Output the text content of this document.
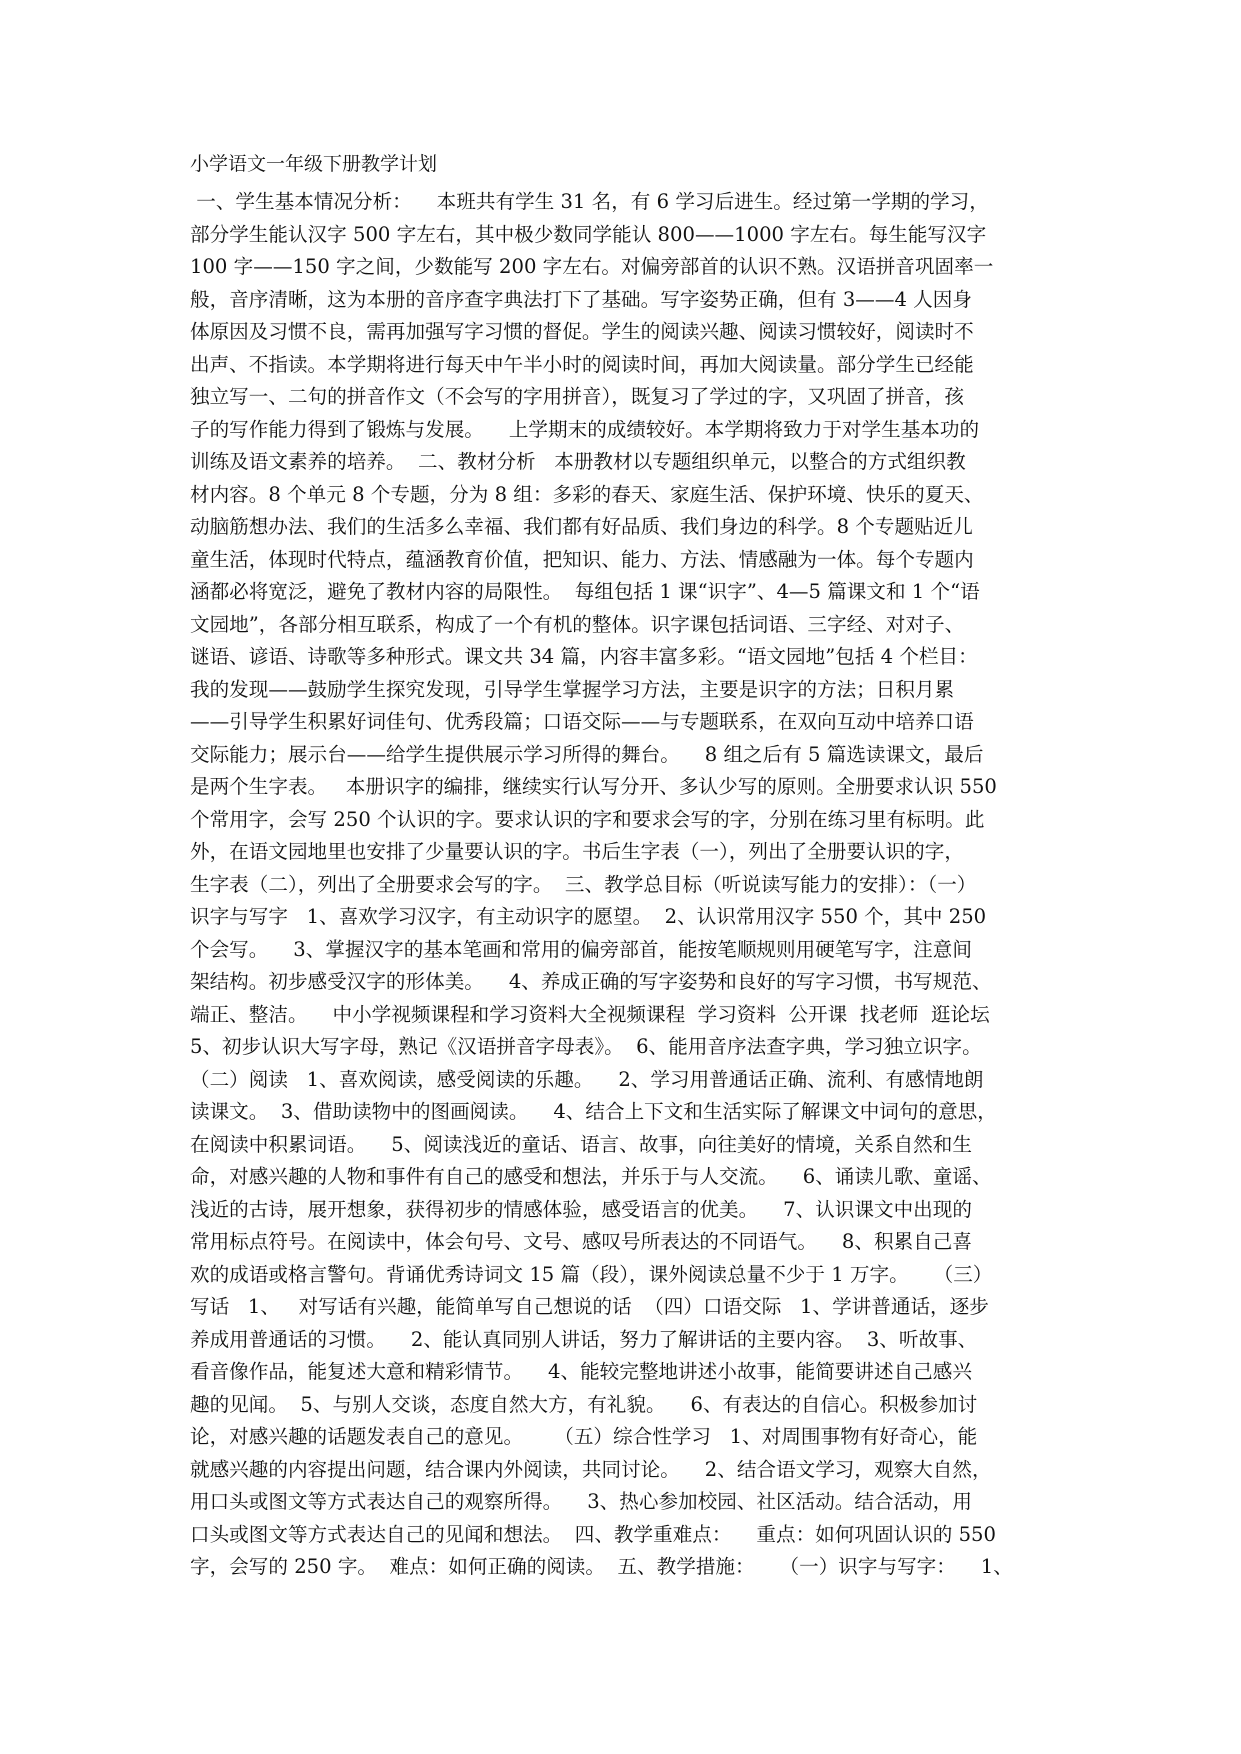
小学语文一年级下册教学计划
一、学生基本情况分析：    本班共有学生 31 名，有 6 学习后进生。经过第一学期的学习，
部分学生能认汉字 500 字左右，其中极少数同学能认 800——1000 字左右。每生能写汉字
100 字——150 字之间，少数能写 200 字左右。对偏旁部首的认识不熟。汉语拼音巩固率一
般，音序清晰，这为本册的音序查字典法打下了基础。写字姿势正确，但有 3——4 人因身
体原因及习惯不良，需再加强写字习惯的督促。学生的阅读兴趣、阅读习惯较好，阅读时不
出声、不指读。本学期将进行每天中午半小时的阅读时间，再加大阅读量。部分学生已经能
独立写一、二句的拼音作文（不会写的字用拼音），既复习了学过的字，又巩固了拼音，孩
子的写作能力得到了锻炼与发展。    上学期末的成绩较好。本学期将致力于对学生基本功的
训练及语文素养的培养。  二、教材分析   本册教材以专题组织单元，以整合的方式组织教
材内容。8 个单元 8 个专题，分为 8 组：多彩的春天、家庭生活、保护环境、快乐的夏天、
动脑筋想办法、我们的生活多么幸福、我们都有好品质、我们身边的科学。8 个专题贴近儿
童生活，体现时代特点，蕴涵教育价值，把知识、能力、方法、情感融为一体。每个专题内
涵都必将宽泛，避免了教材内容的局限性。  每组包括 1 课“识字”、4—5 篇课文和 1 个“语
文园地”，各部分相互联系，构成了一个有机的整体。识字课包括词语、三字经、对对子、
谜语、谚语、诗歌等多种形式。课文共 34 篇，内容丰富多彩。“语文园地”包括 4 个栏目：
我的发现——鼓励学生探究发现，引导学生掌握学习方法，主要是识字的方法；日积月累
——引导学生积累好词佳句、优秀段篇；口语交际——与专题联系，在双向互动中培养口语
交际能力；展示台——给学生提供展示学习所得的舞台。    8 组之后有 5 篇选读课文，最后
是两个生字表。   本册识字的编排，继续实行认写分开、多认少写的原则。全册要求认识 550
个常用字，会写 250 个认识的字。要求认识的字和要求会写的字，分别在练习里有标明。此
外，在语文园地里也安排了少量要认识的字。书后生字表（一），列出了全册要认识的字，
生字表（二），列出了全册要求会写的字。  三、教学总目标（听说读写能力的安排）：（一）
识字与写字   1、喜欢学习汉字，有主动识字的愿望。  2、认识常用汉字 550 个，其中 250
个会写。    3、掌握汉字的基本笔画和常用的偏旁部首，能按笔顺规则用硬笔写字，注意间
架结构。初步感受汉字的形体美。    4、养成正确的写字姿势和良好的写字习惯，书写规范、
端正、整洁。    中小学视频课程和学习资料大全视频课程  学习资料  公开课  找老师  逛论坛
5、初步认识大写字母，熟记《汉语拼音字母表》。  6、能用音序法查字典，学习独立识字。
（二）阅读   1、喜欢阅读，感受阅读的乐趣。    2、学习用普通话正确、流利、有感情地朗
读课文。  3、借助读物中的图画阅读。    4、结合上下文和生活实际了解课文中词句的意思，
在阅读中积累词语。    5、阅读浅近的童话、语言、故事，向往美好的情境，关系自然和生
命，对感兴趣的人物和事件有自己的感受和想法，并乐于与人交流。    6、诵读儿歌、童谣、
浅近的古诗，展开想象，获得初步的情感体验，感受语言的优美。    7、认识课文中出现的
常用标点符号。在阅读中，体会句号、文号、感叹号所表达的不同语气。    8、积累自己喜
欢的成语或格言警句。背诵优秀诗词文 15 篇（段），课外阅读总量不少于 1 万字。    （三）
写话   1、   对写话有兴趣，能简单写自己想说的话  （四）口语交际   1、学讲普通话，逐步
养成用普通话的习惯。    2、能认真同别人讲话，努力了解讲话的主要内容。  3、听故事、
看音像作品，能复述大意和精彩情节。    4、能较完整地讲述小故事，能简要讲述自己感兴
趣的见闻。  5、与别人交谈，态度自然大方，有礼貌。    6、有表达的自信心。积极参加讨
论，对感兴趣的话题发表自己的意见。     （五）综合性学习   1、对周围事物有好奇心，能
就感兴趣的内容提出问题，结合课内外阅读，共同讨论。    2、结合语文学习，观察大自然，
用口头或图文等方式表达自己的观察所得。    3、热心参加校园、社区活动。结合活动，用
口头或图文等方式表达自己的见闻和想法。  四、教学重难点：    重点：如何巩固认识的 550
字，会写的 250 字。  难点：如何正确的阅读。  五、教学措施：    （一）识字与写字：    1、
